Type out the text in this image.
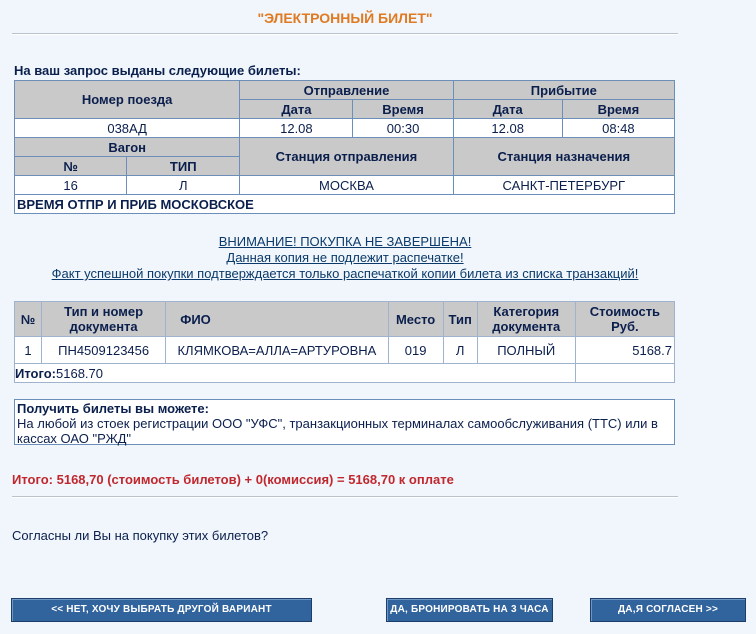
"ЭЛЕКТРОННЫЙ БИЛЕТ"
На ваш запрос выданы следующие билеты:
Номер поезда		Отправление		Прибытие	
		Дата	Время	Дата	Время
038АД		12.08	00:30	12.08	08:48
Вагон		Станция отправления		Станция назначения	
№	ТИП				
16	Л	МОСКВА		САНКТ-ПЕТЕРБУРГ	
ВРЕМЯ ОТПР И ПРИБ МОСКОВСКОЕ					
ВНИМАНИЕ! ПОКУПКА НЕ ЗАВЕРШЕНА!
Данная копия не подлежит распечатке!
Факт успешной покупки подтверждается только распечаткой копии билета из списка транзакций!
№	Тип и номер документа	ФИО	Место	Тип	Категория документа	Стоимость Руб.
1	ПН4509123456	КЛЯМКОВА=АЛЛА=АРТУРОВНА	019	Л	ПОЛНЫЙ	5168.7
Итого:5168.70						
Получить билеты вы можете:
На любой из стоек регистрации ООО "УФС", транзакционных терминалах самообслуживания (ТТС) или в кассах ОАО "РЖД"
Итого: 5168,70 (стоимость билетов) + 0(комиссия) = 5168,70 к оплате
Согласны ли Вы на покупку этих билетов?
<< НЕТ, ХОЧУ ВЫБРАТЬ ДРУГОЙ ВАРИАНТ	ДА, БРОНИРОВАТЬ НА 3 ЧАСА	ДА,Я СОГЛАСЕН >>
